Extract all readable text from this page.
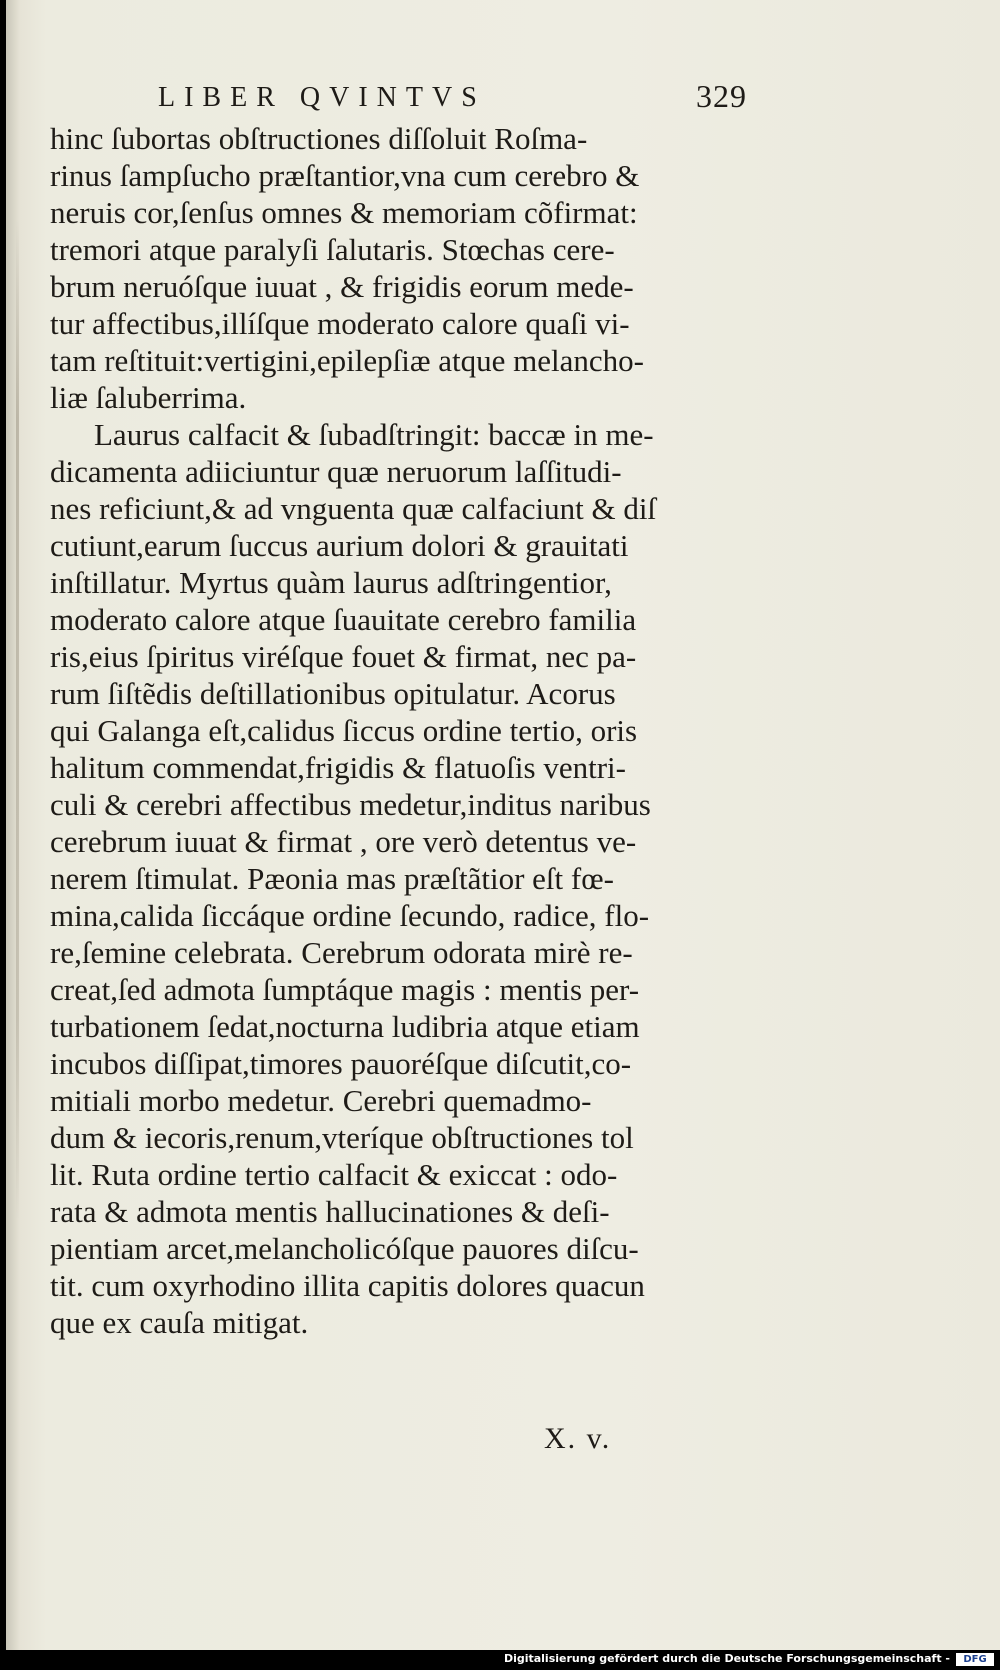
LIBER QVINTVS	329
hinc ſubortas obſtructiones diſſoluit Roſma-
rinus ſampſucho præſtantior,vna cum cerebro &
neruis cor,ſenſus omnes & memoriam cõfirmat:
tremori atque paralyſi ſalutaris. Stœchas cere-
brum neruóſque iuuat , & frigidis eorum mede-
tur affectibus,illíſque moderato calore quaſi vi-
tam reſtituit:vertigini,epilepſiæ atque melancho-
liæ ſaluberrima.
Laurus calfacit & ſubadſtringit: baccæ in me-
dicamenta adiiciuntur quæ neruorum laſſitudi-
nes reficiunt,& ad vnguenta quæ calfaciunt & diſ
cutiunt,earum ſuccus aurium dolori & grauitati
inſtillatur. Myrtus quàm laurus adſtringentior,
moderato calore atque ſuauitate cerebro familia
ris,eius ſpiritus viréſque fouet & firmat, nec pa-
rum ſiſtẽdis deſtillationibus opitulatur. Acorus
qui Galanga eſt,calidus ſiccus ordine tertio, oris
halitum commendat,frigidis & flatuoſis ventri-
culi & cerebri affectibus medetur,inditus naribus
cerebrum iuuat & firmat , ore verò detentus ve-
nerem ſtimulat. Pæonia mas præſtãtior eſt fœ-
mina,calida ſiccáque ordine ſecundo, radice, flo-
re,ſemine celebrata. Cerebrum odorata mirè re-
creat,ſed admota ſumptáque magis : mentis per-
turbationem ſedat,nocturna ludibria atque etiam
incubos diſſipat,timores pauoréſque diſcutit,co-
mitiali morbo medetur. Cerebri quemadmo-
dum & iecoris,renum,vteríque obſtructiones tol
lit. Ruta ordine tertio calfacit & exiccat : odo-
rata & admota mentis hallucinationes & deſi-
pientiam arcet,melancholicóſque pauores diſcu-
tit. cum oxyrhodino illita capitis dolores quacun
que ex cauſa mitigat.
X. v.
Digitalisierung gefördert durch die Deutsche Forschungsgemeinschaft -	DFG
